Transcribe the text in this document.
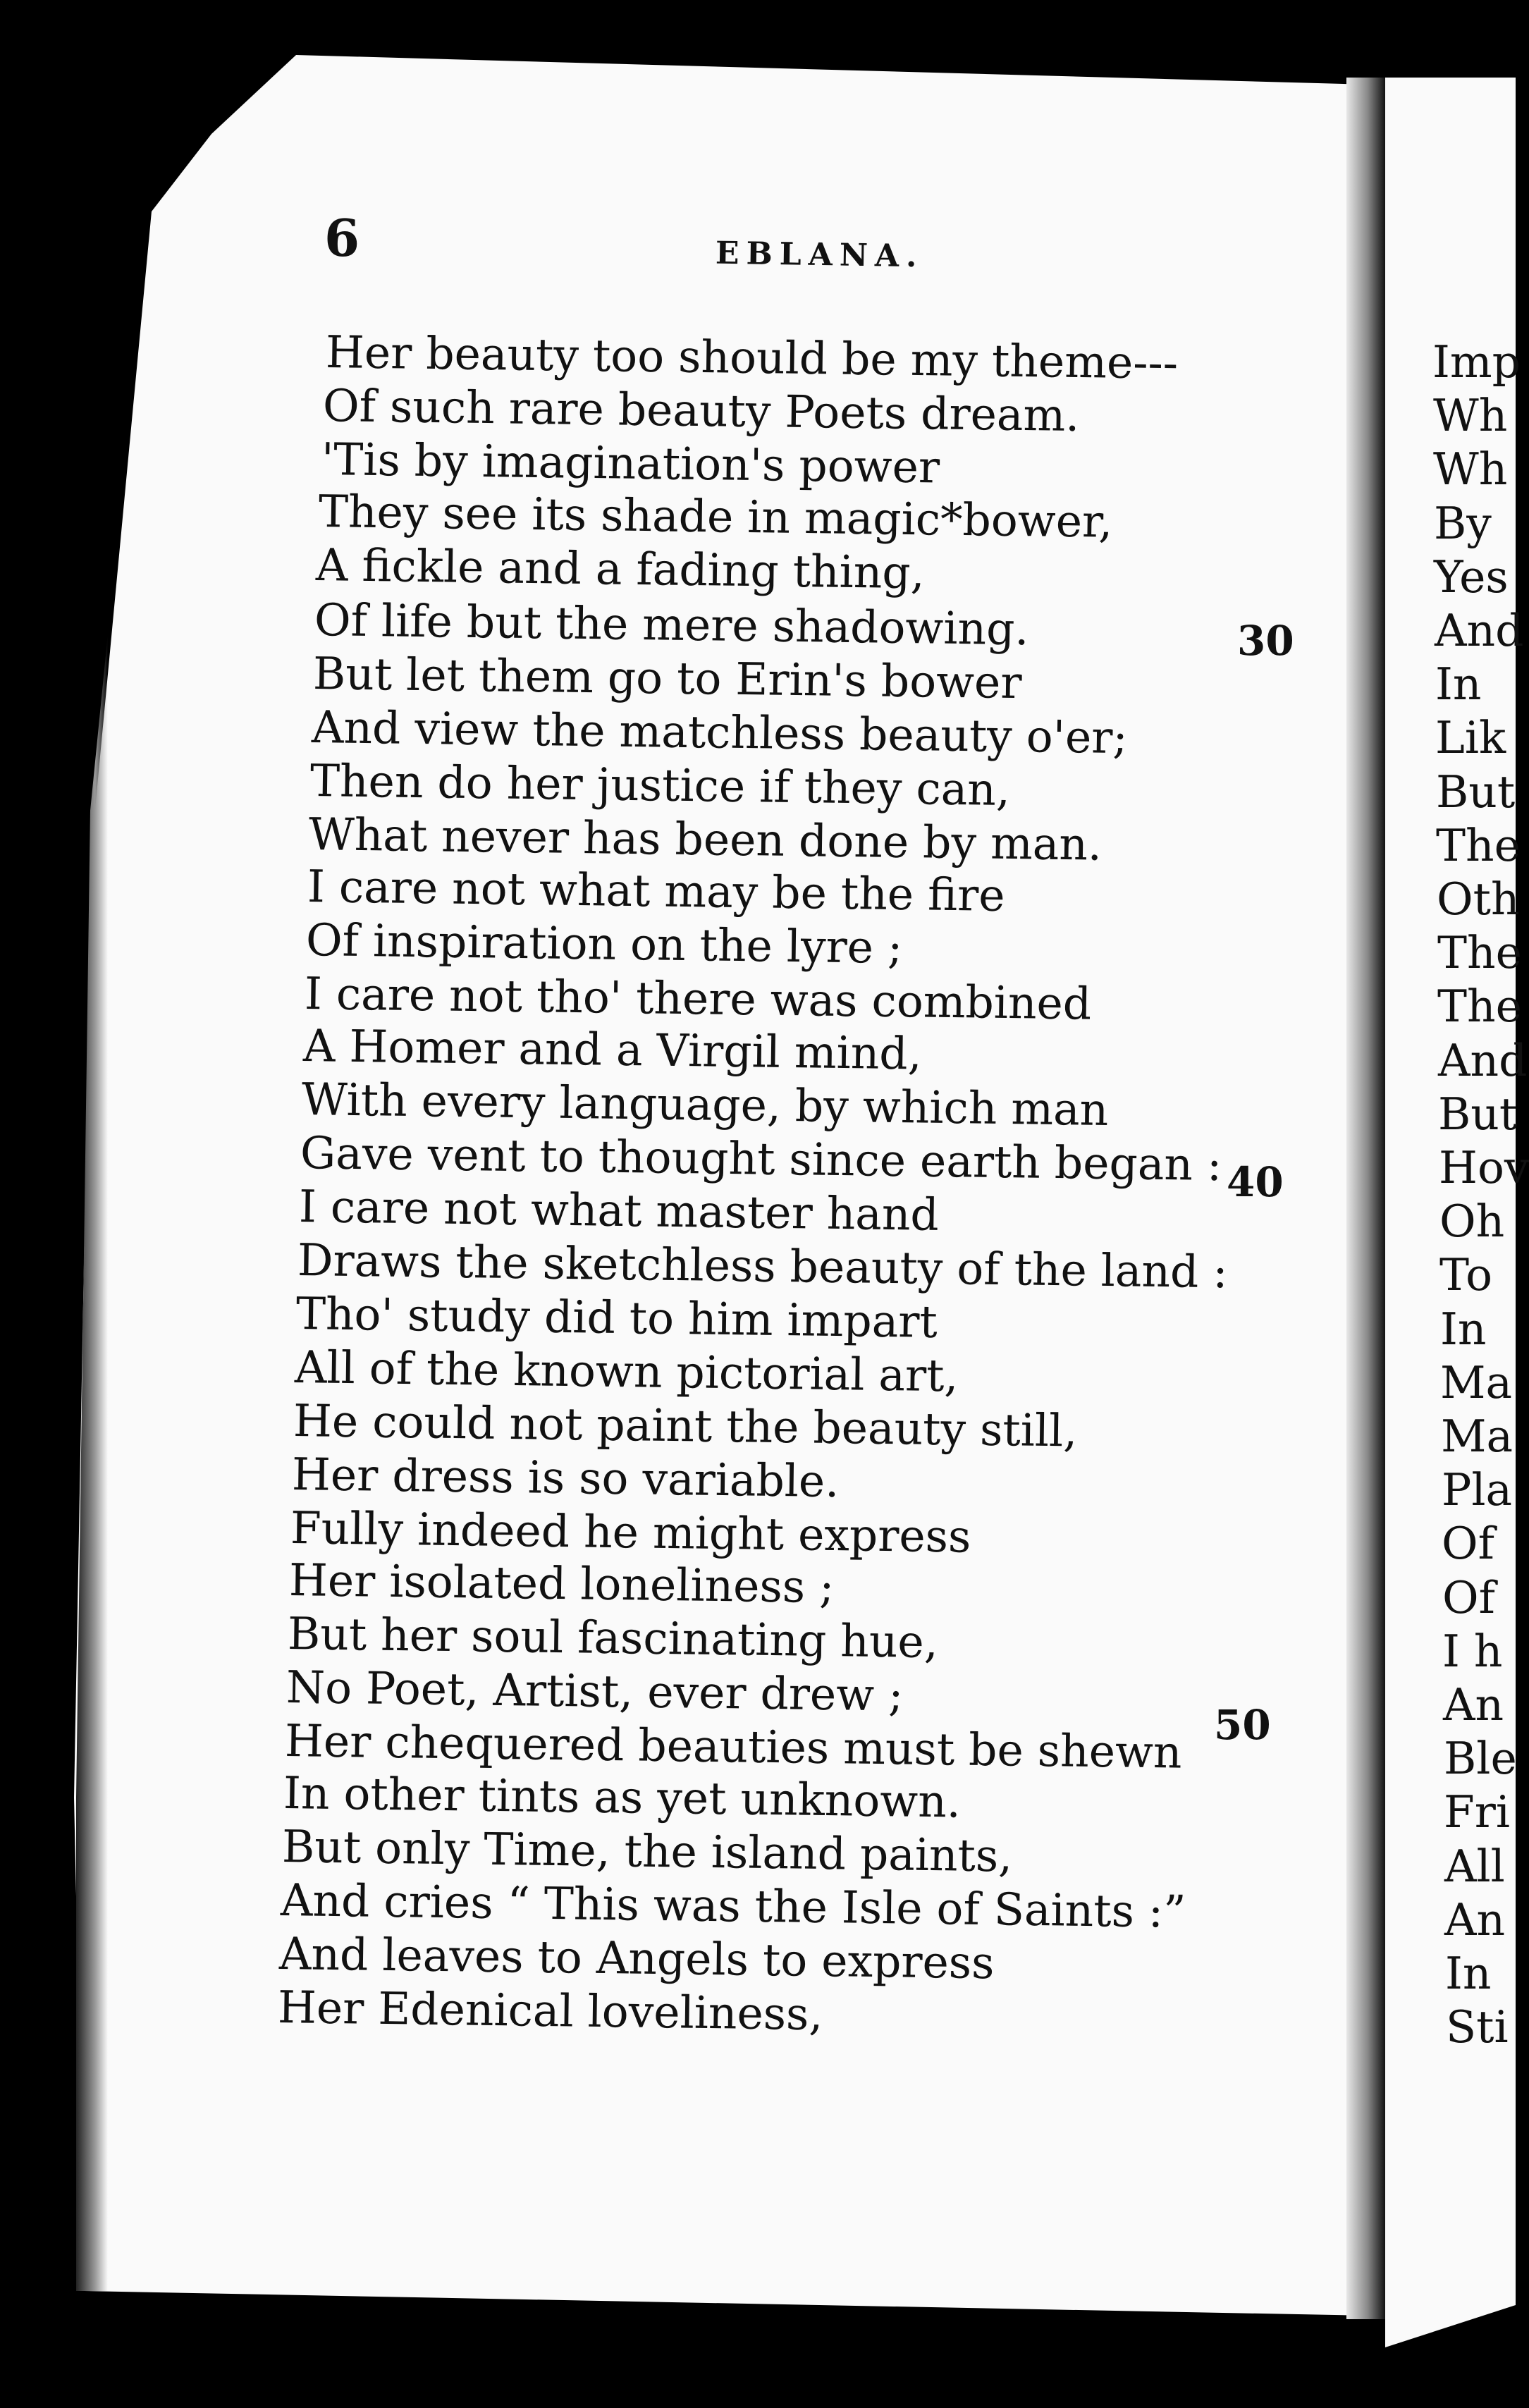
6	EBLANA.
Her beauty too should be my theme---
Of such rare beauty Poets dream.
'Tis by imagination's power
They see its shade in magic*bower,
A fickle and a fading thing,
Of life but the mere shadowing.
But let them go to Erin's bower
And view the matchless beauty o'er;
Then do her justice if they can,
What never has been done by man.
I care not what may be the fire
Of inspiration on the lyre ;
I care not tho' there was combined
A Homer and a Virgil mind,
With every language, by which man
Gave vent to thought since earth began :
I care not what master hand
Draws the sketchless beauty of the land :
Tho' study did to him impart
All of the known pictorial art,
He could not paint the beauty still,
Her dress is so variable.
Fully indeed he might express
Her isolated loneliness ;
But her soul fascinating hue,
No Poet, Artist, ever drew ;
Her chequered beauties must be shewn
In other tints as yet unknown.
But only Time, the island paints,
And cries “ This was the Isle of Saints :”
And leaves to Angels to express
Her Edenical loveliness,
30
40
50
Imp
Wh
Wh
By
Yes
And
In
Lik
But
The
Oth
The
The
And
But
Hov
Oh
To
In
Ma
Ma
Pla
Of
Of
I h
An
Ble
Fri
All
An
In
Sti
